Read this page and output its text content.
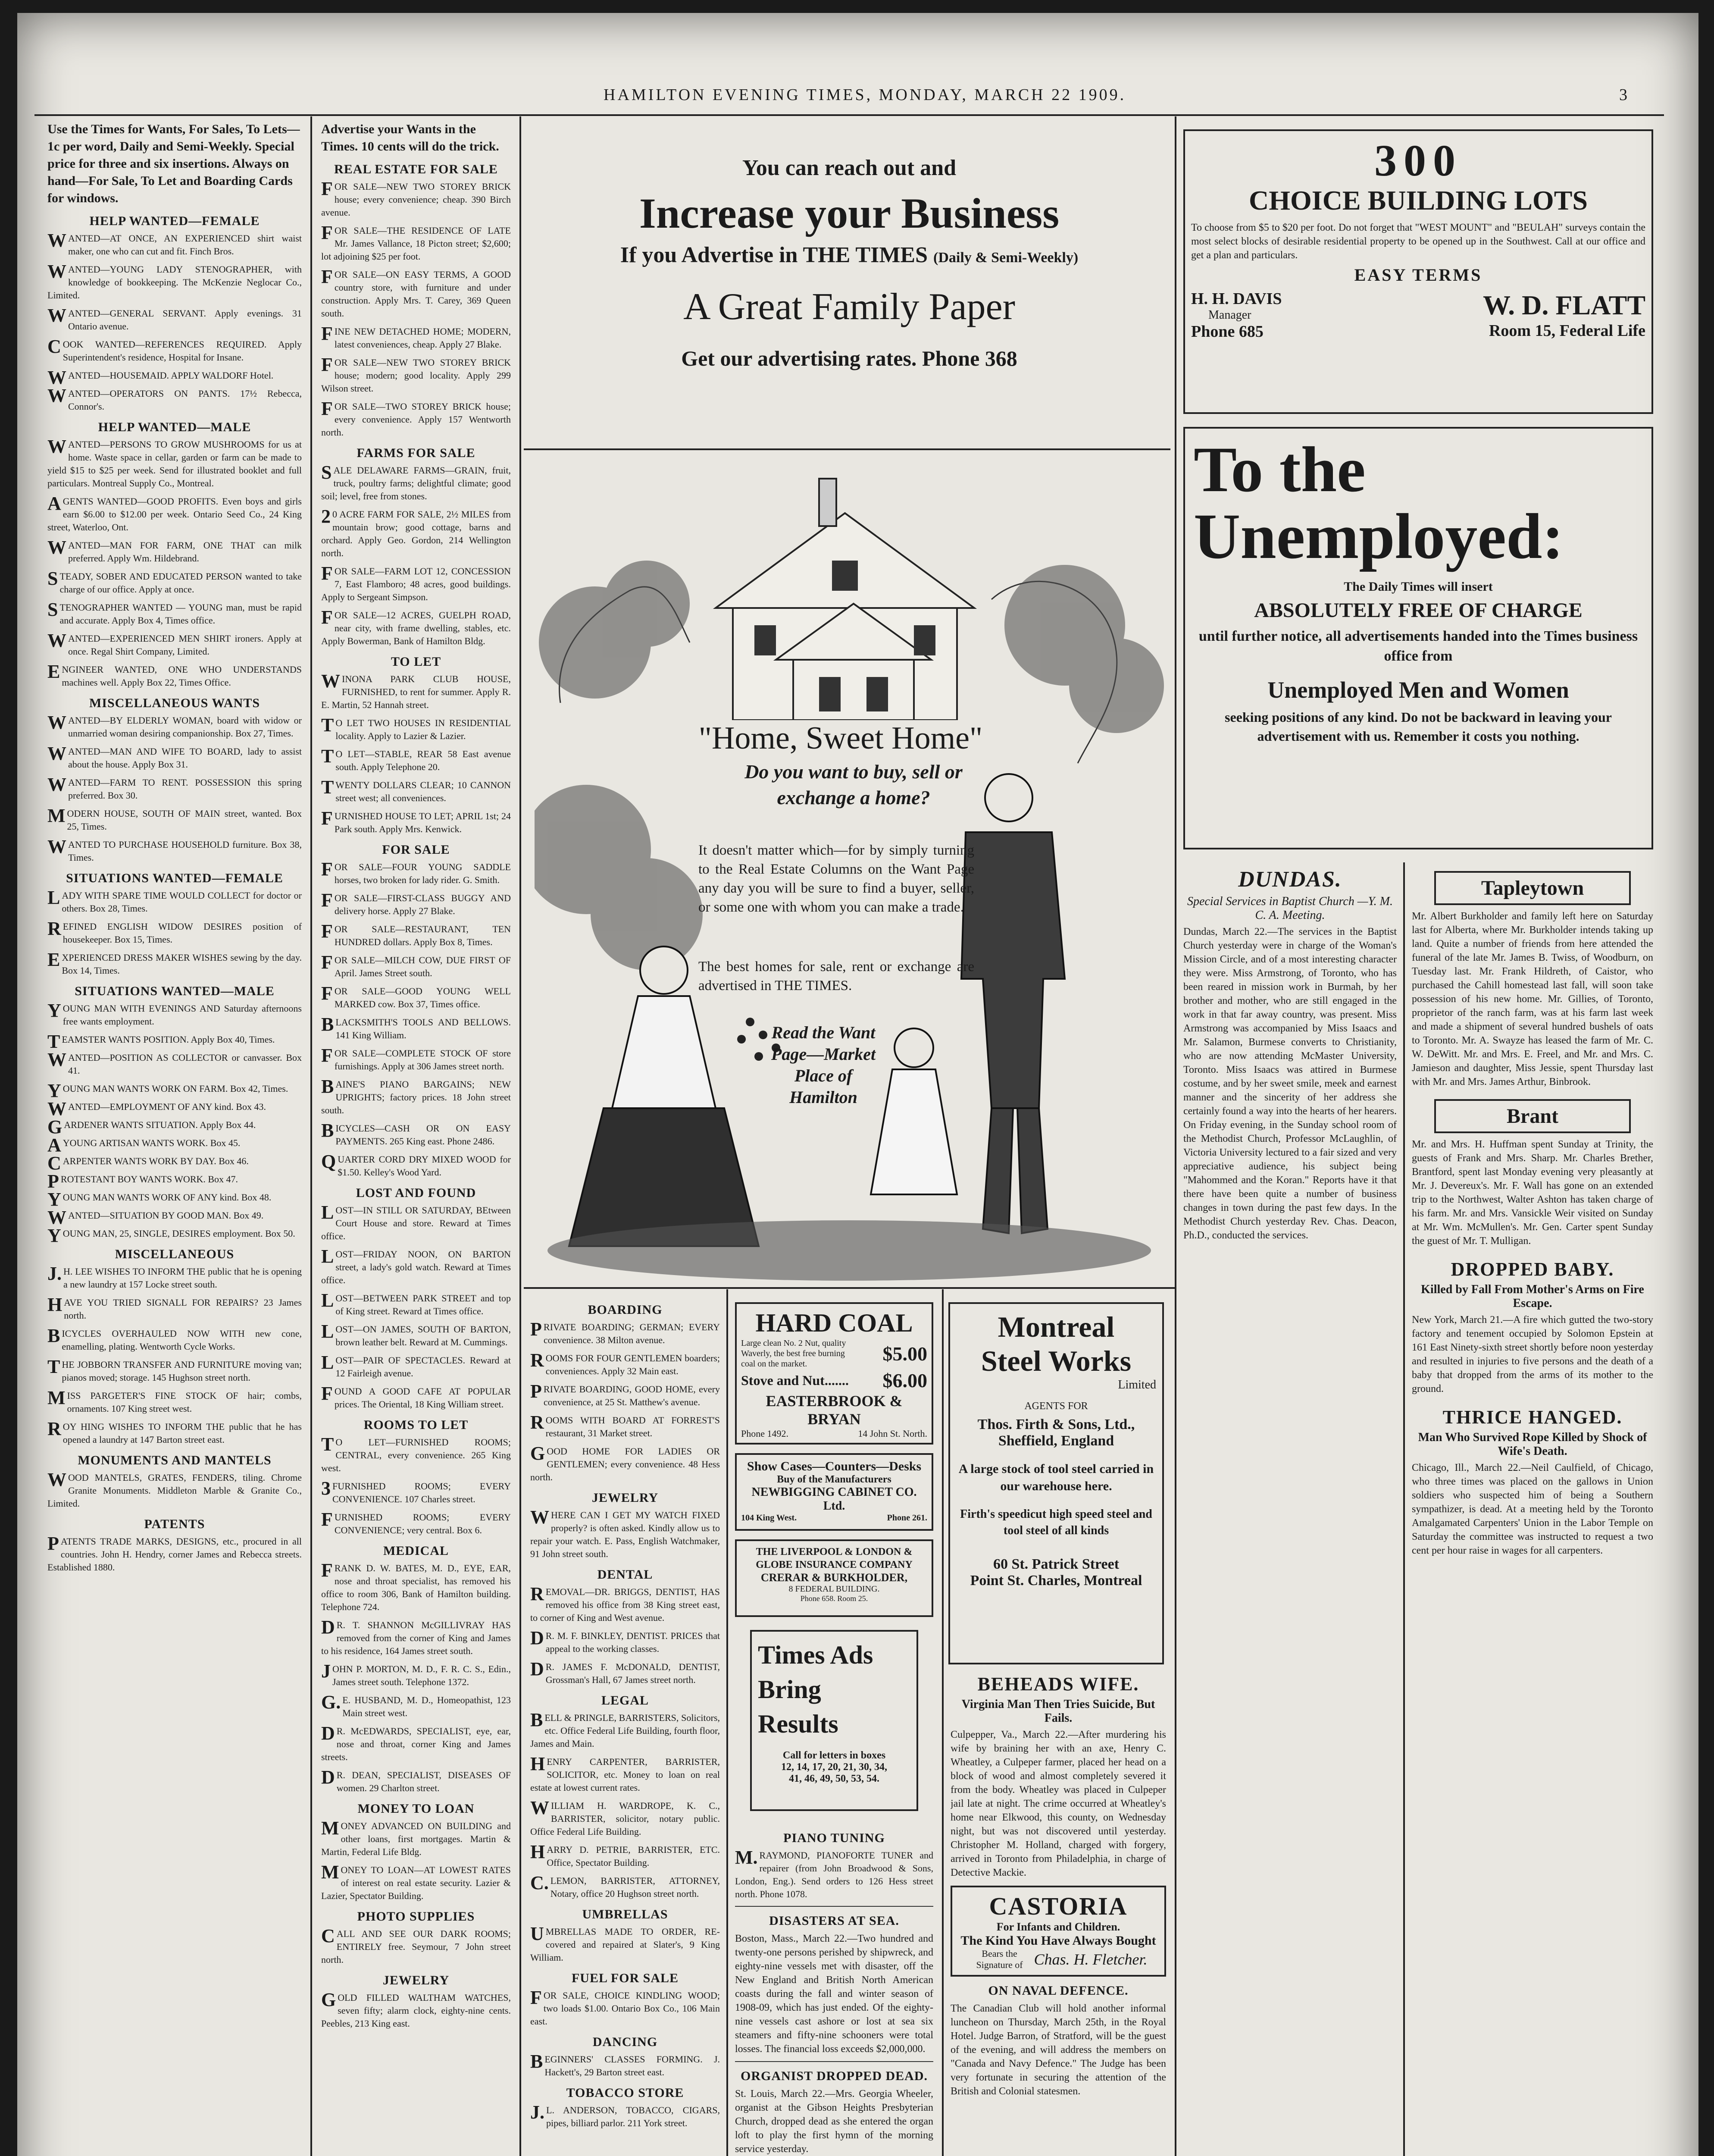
HAMILTON EVENING TIMES, MONDAY, MARCH 22 1909.	3
Use the Times for Wants, For Sales, To Lets—1c per word, Daily and Semi-Weekly. Special price for three and six insertions. Always on hand—For Sale, To Let and Boarding Cards for windows.
HELP WANTED—FEMALE
WANTED—AT ONCE, AN EXPERIENCED shirt waist maker, one who can cut and fit. Finch Bros.
WANTED—YOUNG LADY STENOGRAPHER, with knowledge of bookkeeping. The McKenzie Neglocar Co., Limited.
WANTED—GENERAL SERVANT. Apply evenings. 31 Ontario avenue.
COOK WANTED—REFERENCES REQUIRED. Apply Superintendent's residence, Hospital for Insane.
WANTED—HOUSEMAID. APPLY WALDORF Hotel.
WANTED—OPERATORS ON PANTS. 17½ Rebecca, Connor's.
HELP WANTED—MALE
WANTED—PERSONS TO GROW MUSHROOMS for us at home. Waste space in cellar, garden or farm can be made to yield $15 to $25 per week. Send for illustrated booklet and full particulars. Montreal Supply Co., Montreal.
AGENTS WANTED—GOOD PROFITS. Even boys and girls earn $6.00 to $12.00 per week. Ontario Seed Co., 24 King street, Waterloo, Ont.
WANTED—MAN FOR FARM, ONE THAT can milk preferred. Apply Wm. Hildebrand.
STEADY, SOBER AND EDUCATED PERSON wanted to take charge of our office. Apply at once.
STENOGRAPHER WANTED — YOUNG man, must be rapid and accurate. Apply Box 4, Times office.
WANTED—EXPERIENCED MEN SHIRT ironers. Apply at once. Regal Shirt Company, Limited.
ENGINEER WANTED, ONE WHO UNDERSTANDS machines well. Apply Box 22, Times Office.
MISCELLANEOUS WANTS
WANTED—BY ELDERLY WOMAN, board with widow or unmarried woman desiring companionship. Box 27, Times.
WANTED—MAN AND WIFE TO BOARD, lady to assist about the house. Apply Box 31.
WANTED—FARM TO RENT. POSSESSION this spring preferred. Box 30.
MODERN HOUSE, SOUTH OF MAIN street, wanted. Box 25, Times.
WANTED TO PURCHASE HOUSEHOLD furniture. Box 38, Times.
SITUATIONS WANTED—FEMALE
LADY WITH SPARE TIME WOULD COLLECT for doctor or others. Box 28, Times.
REFINED ENGLISH WIDOW DESIRES position of housekeeper. Box 15, Times.
EXPERIENCED DRESS MAKER WISHES sewing by the day. Box 14, Times.
SITUATIONS WANTED—MALE
YOUNG MAN WITH EVENINGS AND Saturday afternoons free wants employment.
TEAMSTER WANTS POSITION. Apply Box 40, Times.
WANTED—POSITION AS COLLECTOR or canvasser. Box 41.
YOUNG MAN WANTS WORK ON FARM. Box 42, Times.
WANTED—EMPLOYMENT OF ANY kind. Box 43.
GARDENER WANTS SITUATION. Apply Box 44.
AYOUNG ARTISAN WANTS WORK. Box 45.
CARPENTER WANTS WORK BY DAY. Box 46.
PROTESTANT BOY WANTS WORK. Box 47.
YOUNG MAN WANTS WORK OF ANY kind. Box 48.
WANTED—SITUATION BY GOOD MAN. Box 49.
YOUNG MAN, 25, SINGLE, DESIRES employment. Box 50.
MISCELLANEOUS
J.H. LEE WISHES TO INFORM THE public that he is opening a new laundry at 157 Locke street south.
HAVE YOU TRIED SIGNALL FOR REPAIRS? 23 James north.
BICYCLES OVERHAULED NOW WITH new cone, enamelling, plating. Wentworth Cycle Works.
THE JOBBORN TRANSFER AND FURNITURE moving van; pianos moved; storage. 145 Hughson street north.
MISS PARGETER'S FINE STOCK OF hair; combs, ornaments. 107 King street west.
ROY HING WISHES TO INFORM THE public that he has opened a laundry at 147 Barton street east.
MONUMENTS AND MANTELS
WOOD MANTELS, GRATES, FENDERS, tiling. Chrome Granite Monuments. Middleton Marble & Granite Co., Limited.
PATENTS
PATENTS TRADE MARKS, DESIGNS, etc., procured in all countries. John H. Hendry, corner James and Rebecca streets. Established 1880.
Advertise your Wants in the Times. 10 cents will do the trick.
REAL ESTATE FOR SALE
FOR SALE—NEW TWO STOREY BRICK house; every convenience; cheap. 390 Birch avenue.
FOR SALE—THE RESIDENCE OF LATE Mr. James Vallance, 18 Picton street; $2,600; lot adjoining $25 per foot.
FOR SALE—ON EASY TERMS, A GOOD country store, with furniture and under construction. Apply Mrs. T. Carey, 369 Queen south.
FINE NEW DETACHED HOME; MODERN, latest conveniences, cheap. Apply 27 Blake.
FOR SALE—NEW TWO STOREY BRICK house; modern; good locality. Apply 299 Wilson street.
FOR SALE—TWO STOREY BRICK house; every convenience. Apply 157 Wentworth north.
FARMS FOR SALE
SALE DELAWARE FARMS—GRAIN, fruit, truck, poultry farms; delightful climate; good soil; level, free from stones.
20 ACRE FARM FOR SALE, 2½ MILES from mountain brow; good cottage, barns and orchard. Apply Geo. Gordon, 214 Wellington north.
FOR SALE—FARM LOT 12, CONCESSION 7, East Flamboro; 48 acres, good buildings. Apply to Sergeant Simpson.
FOR SALE—12 ACRES, GUELPH ROAD, near city, with frame dwelling, stables, etc. Apply Bowerman, Bank of Hamilton Bldg.
TO LET
WINONA PARK CLUB HOUSE, FURNISHED, to rent for summer. Apply R. E. Martin, 52 Hannah street.
TO LET TWO HOUSES IN RESIDENTIAL locality. Apply to Lazier & Lazier.
TO LET—STABLE, REAR 58 East avenue south. Apply Telephone 20.
TWENTY DOLLARS CLEAR; 10 CANNON street west; all conveniences.
FURNISHED HOUSE TO LET; APRIL 1st; 24 Park south. Apply Mrs. Kenwick.
FOR SALE
FOR SALE—FOUR YOUNG SADDLE horses, two broken for lady rider. G. Smith.
FOR SALE—FIRST-CLASS BUGGY AND delivery horse. Apply 27 Blake.
FOR SALE—RESTAURANT, TEN HUNDRED dollars. Apply Box 8, Times.
FOR SALE—MILCH COW, DUE FIRST OF April. James Street south.
FOR SALE—GOOD YOUNG WELL MARKED cow. Box 37, Times office.
BLACKSMITH'S TOOLS AND BELLOWS. 141 King William.
FOR SALE—COMPLETE STOCK OF store furnishings. Apply at 306 James street north.
BAINE'S PIANO BARGAINS; NEW UPRIGHTS; factory prices. 18 John street south.
BICYCLES—CASH OR ON EASY PAYMENTS. 265 King east. Phone 2486.
QUARTER CORD DRY MIXED WOOD for $1.50. Kelley's Wood Yard.
LOST AND FOUND
LOST—IN STILL OR SATURDAY, BEtween Court House and store. Reward at Times office.
LOST—FRIDAY NOON, ON BARTON street, a lady's gold watch. Reward at Times office.
LOST—BETWEEN PARK STREET and top of King street. Reward at Times office.
LOST—ON JAMES, SOUTH OF BARTON, brown leather belt. Reward at M. Cummings.
LOST—PAIR OF SPECTACLES. Reward at 12 Fairleigh avenue.
FOUND A GOOD CAFE AT POPULAR prices. The Oriental, 18 King William street.
ROOMS TO LET
TO LET—FURNISHED ROOMS; CENTRAL, every convenience. 265 King west.
3FURNISHED ROOMS; EVERY CONVENIENCE. 107 Charles street.
FURNISHED ROOMS; EVERY CONVENIENCE; very central. Box 6.
MEDICAL
FRANK D. W. BATES, M. D., EYE, EAR, nose and throat specialist, has removed his office to room 306, Bank of Hamilton building. Telephone 724.
DR. T. SHANNON McGILLIVRAY HAS removed from the corner of King and James to his residence, 164 James street south.
JOHN P. MORTON, M. D., F. R. C. S., Edin., James street south. Telephone 1372.
G.E. HUSBAND, M. D., Homeopathist, 123 Main street west.
DR. McEDWARDS, SPECIALIST, eye, ear, nose and throat, corner King and James streets.
DR. DEAN, SPECIALIST, DISEASES OF women. 29 Charlton street.
MONEY TO LOAN
MONEY ADVANCED ON BUILDING and other loans, first mortgages. Martin & Martin, Federal Life Bldg.
MONEY TO LOAN—AT LOWEST RATES of interest on real estate security. Lazier & Lazier, Spectator Building.
PHOTO SUPPLIES
CALL AND SEE OUR DARK ROOMS; ENTIRELY free. Seymour, 7 John street north.
JEWELRY
GOLD FILLED WALTHAM WATCHES, seven fifty; alarm clock, eighty-nine cents. Peebles, 213 King east.
You can reach out and
Increase your Business
If you Advertise in THE TIMES (Daily & Semi-Weekly)
A Great Family Paper
Get our advertising rates. Phone 368
"Home, Sweet Home"
Do you want to buy, sell or exchange a home?
It doesn't matter which—for by simply turning to the Real Estate Columns on the Want Page any day you will be sure to find a buyer, seller, or some one with whom you can make a trade.
The best homes for sale, rent or exchange are advertised in THE TIMES.
Read the Want Page—Market Place of Hamilton
BOARDING
PRIVATE BOARDING; GERMAN; EVERY convenience. 38 Milton avenue.
ROOMS FOR FOUR GENTLEMEN boarders; conveniences. Apply 32 Main east.
PRIVATE BOARDING, GOOD HOME, every convenience, at 25 St. Matthew's avenue.
ROOMS WITH BOARD AT FORREST'S restaurant, 31 Market street.
GOOD HOME FOR LADIES OR GENTLEMEN; every convenience. 48 Hess north.
JEWELRY
WHERE CAN I GET MY WATCH FIXED properly? is often asked. Kindly allow us to repair your watch. E. Pass, English Watchmaker, 91 John street south.
DENTAL
REMOVAL—DR. BRIGGS, DENTIST, HAS removed his office from 38 King street east, to corner of King and West avenue.
DR. M. F. BINKLEY, DENTIST. PRICES that appeal to the working classes.
DR. JAMES F. McDONALD, DENTIST, Grossman's Hall, 67 James street north.
LEGAL
BELL & PRINGLE, BARRISTERS, Solicitors, etc. Office Federal Life Building, fourth floor, James and Main.
HENRY CARPENTER, BARRISTER, SOLICITOR, etc. Money to loan on real estate at lowest current rates.
WILLIAM H. WARDROPE, K. C., BARRISTER, solicitor, notary public. Office Federal Life Building.
HARRY D. PETRIE, BARRISTER, ETC. Office, Spectator Building.
C.LEMON, BARRISTER, ATTORNEY, Notary, office 20 Hughson street north.
UMBRELLAS
UMBRELLAS MADE TO ORDER, RE-covered and repaired at Slater's, 9 King William.
FUEL FOR SALE
FOR SALE, CHOICE KINDLING WOOD; two loads $1.00. Ontario Box Co., 106 Main east.
DANCING
BEGINNERS' CLASSES FORMING. J. Hackett's, 29 Barton street east.
TOBACCO STORE
J.L. ANDERSON, TOBACCO, CIGARS, pipes, billiard parlor. 211 York street.
HARD COAL
Large clean No. 2 Nut, quality Waverly, the best free burning coal on the market.	$5.00
Stove and Nut....... $6.00
EASTERBROOK & BRYAN
Phone 1492.	14 John St. North.
Show Cases—Counters—Desks
Buy of the Manufacturers
NEWBIGGING CABINET CO. Ltd.
104 King West.	Phone 261.
THE LIVERPOOL & LONDON & GLOBE INSURANCE COMPANY
CRERAR & BURKHOLDER,
8 FEDERAL BUILDING.
Phone 658. Room 25.
Times Ads
Bring
Results
Call for letters in boxes
12, 14, 17, 20, 21, 30, 34,
41, 46, 49, 50, 53, 54.
PIANO TUNING
M.RAYMOND, PIANOFORTE TUNER and repairer (from John Broadwood & Sons, London, Eng.). Send orders to 126 Hess street north. Phone 1078.
DISASTERS AT SEA.
Boston, Mass., March 22.—Two hundred and twenty-one persons perished by shipwreck, and eighty-nine vessels met with disaster, off the New England and British North American coasts during the fall and winter season of 1908-09, which has just ended. Of the eighty-nine vessels cast ashore or lost at sea six steamers and fifty-nine schooners were total losses. The financial loss exceeds $2,000,000.
ORGANIST DROPPED DEAD.
St. Louis, March 22.—Mrs. Georgia Wheeler, organist at the Gibson Heights Presbyterian Church, dropped dead as she entered the organ loft to play the first hymn of the morning service yesterday.
Montreal
Steel Works
Limited
AGENTS FOR
Thos. Firth & Sons, Ltd.,
Sheffield, England
A large stock of tool steel carried in our warehouse here.
Firth's speedicut high speed steel and tool steel of all kinds
60 St. Patrick Street
Point St. Charles, Montreal
BEHEADS WIFE.
Virginia Man Then Tries Suicide, But Fails.
Culpepper, Va., March 22.—After murdering his wife by braining her with an axe, Henry C. Wheatley, a Culpeper farmer, placed her head on a block of wood and almost completely severed it from the body. Wheatley was placed in Culpeper jail late at night. The crime occurred at Wheatley's home near Elkwood, this county, on Wednesday night, but was not discovered until yesterday. Christopher M. Holland, charged with forgery, arrived in Toronto from Philadelphia, in charge of Detective Mackie.
CASTORIA
For Infants and Children.
The Kind You Have Always Bought
Bears the Signature of Chas. H. Fletcher.
ON NAVAL DEFENCE.
The Canadian Club will hold another informal luncheon on Thursday, March 25th, in the Royal Hotel. Judge Barron, of Stratford, will be the guest of the evening, and will address the members on "Canada and Navy Defence." The Judge has been very fortunate in securing the attention of the British and Colonial statesmen.
300
CHOICE BUILDING LOTS
To choose from $5 to $20 per foot. Do not forget that "WEST MOUNT" and "BEULAH" surveys contain the most select blocks of desirable residential property to be opened up in the Southwest. Call at our office and get a plan and particulars.
EASY TERMS
H. H. DAVIS
Manager
Phone 685
W. D. FLATT
Room 15, Federal Life
To the
Unemployed:
The Daily Times will insert
ABSOLUTELY FREE OF CHARGE
until further notice, all advertisements handed into the Times business office from
Unemployed Men and Women
seeking positions of any kind. Do not be backward in leaving your advertisement with us. Remember it costs you nothing.
DUNDAS.
Special Services in Baptist Church —Y. M. C. A. Meeting.
Dundas, March 22.—The services in the Baptist Church yesterday were in charge of the Woman's Mission Circle, and of a most interesting character they were. Miss Armstrong, of Toronto, who has been reared in mission work in Burmah, by her brother and mother, who are still engaged in the work in that far away country, was present. Miss Armstrong was accompanied by Miss Isaacs and Mr. Salamon, Burmese converts to Christianity, who are now attending McMaster University, Toronto. Miss Isaacs was attired in Burmese costume, and by her sweet smile, meek and earnest manner and the sincerity of her address she certainly found a way into the hearts of her hearers. On Friday evening, in the Sunday school room of the Methodist Church, Professor McLaughlin, of Victoria University lectured to a fair sized and very appreciative audience, his subject being "Mahommed and the Koran." Reports have it that there have been quite a number of business changes in town during the past few days. In the Methodist Church yesterday Rev. Chas. Deacon, Ph.D., conducted the services.
Tapleytown
Mr. Albert Burkholder and family left here on Saturday last for Alberta, where Mr. Burkholder intends taking up land. Quite a number of friends from here attended the funeral of the late Mr. James B. Twiss, of Woodburn, on Tuesday last. Mr. Frank Hildreth, of Caistor, who purchased the Cahill homestead last fall, will soon take possession of his new home. Mr. Gillies, of Toronto, proprietor of the ranch farm, was at his farm last week and made a shipment of several hundred bushels of oats to Toronto. Mr. A. Swayze has leased the farm of Mr. C. W. DeWitt. Mr. and Mrs. E. Freel, and Mr. and Mrs. C. Jamieson and daughter, Miss Jessie, spent Thursday last with Mr. and Mrs. James Arthur, Binbrook.
Brant
Mr. and Mrs. H. Huffman spent Sunday at Trinity, the guests of Frank and Mrs. Sharp. Mr. Charles Brether, Brantford, spent last Monday evening very pleasantly at Mr. J. Devereux's. Mr. F. Wall has gone on an extended trip to the Northwest, Walter Ashton has taken charge of his farm. Mr. and Mrs. Vansickle Weir visited on Sunday at Mr. Wm. McMullen's. Mr. Gen. Carter spent Sunday the guest of Mr. T. Mulligan.
DROPPED BABY.
Killed by Fall From Mother's Arms on Fire Escape.
New York, March 21.—A fire which gutted the two-story factory and tenement occupied by Solomon Epstein at 161 East Ninety-sixth street shortly before noon yesterday and resulted in injuries to five persons and the death of a baby that dropped from the arms of its mother to the ground.
THRICE HANGED.
Man Who Survived Rope Killed by Shock of Wife's Death.
Chicago, Ill., March 22.—Neil Caulfield, of Chicago, who three times was placed on the gallows in Union soldiers who suspected him of being a Southern sympathizer, is dead. At a meeting held by the Toronto Amalgamated Carpenters' Union in the Labor Temple on Saturday the committee was instructed to request a two cent per hour raise in wages for all carpenters.
